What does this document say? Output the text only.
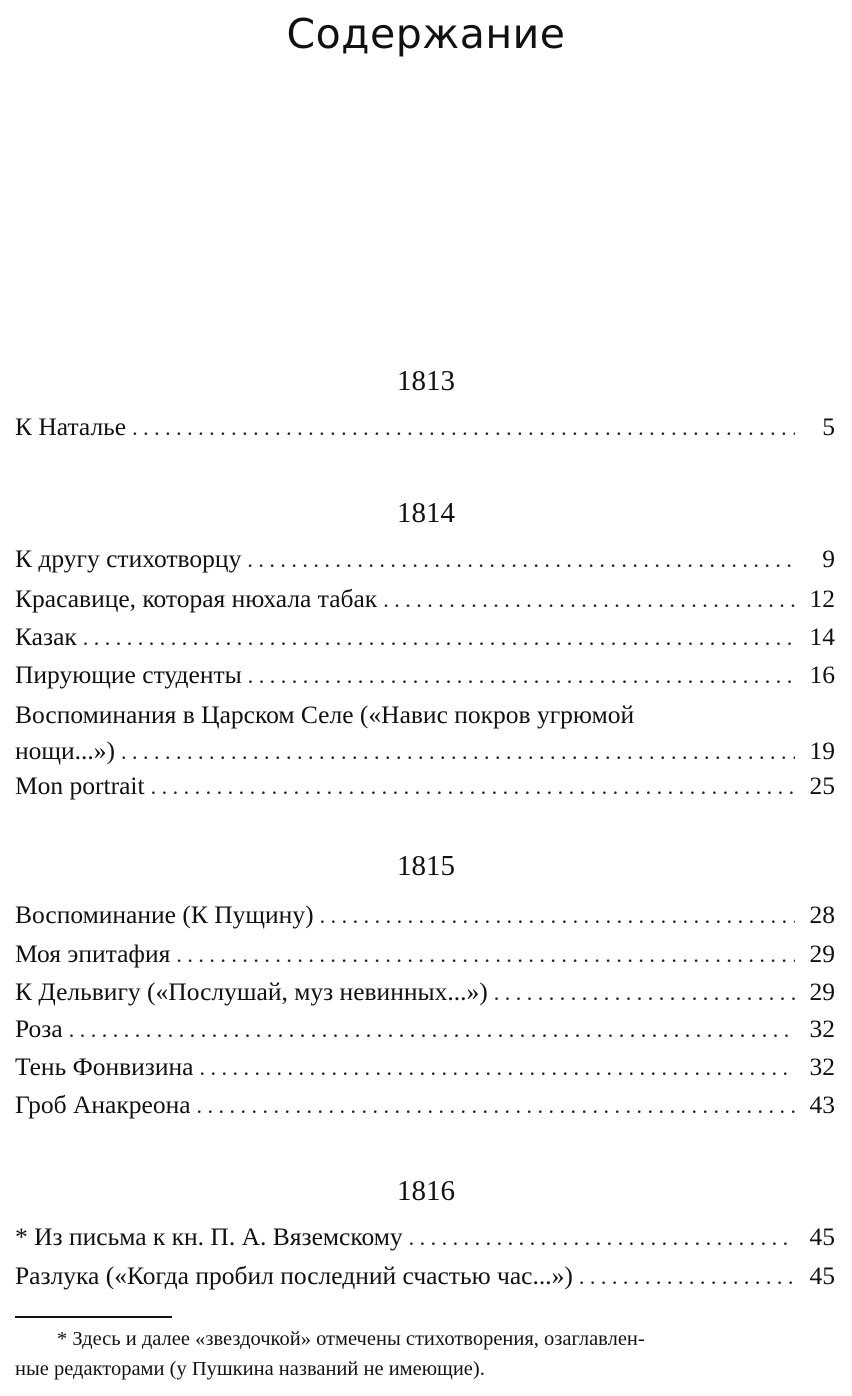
Содержание
1813
К Наталье . . .	5
1814
К другу стихотворцу . . .	9
Красавице, которая нюхала табак . . .	12
Казак . . .	14
Пирующие студенты . . .	16
Воспоминания в Царском Селе («Навис покров угрюмой
нощи...») . . .	19
Mon portrait . . .	25
1815
Воспоминание (К Пущину) . . .	28
Моя эпитафия . . .	29
К Дельвигу («Послушай, муз невинных...») . . .	29
Роза . . .	32
Тень Фонвизина . . .	32
Гроб Анакреона . . .	43
1816
* Из письма к кн. П. А. Вяземскому . . .	45
Разлука («Когда пробил последний счастью час...») . . .	45
* Здесь и далее «звездочкой» отмечены стихотворения, озаглавлен-
ные редакторами (у Пушкина названий не имеющие).
